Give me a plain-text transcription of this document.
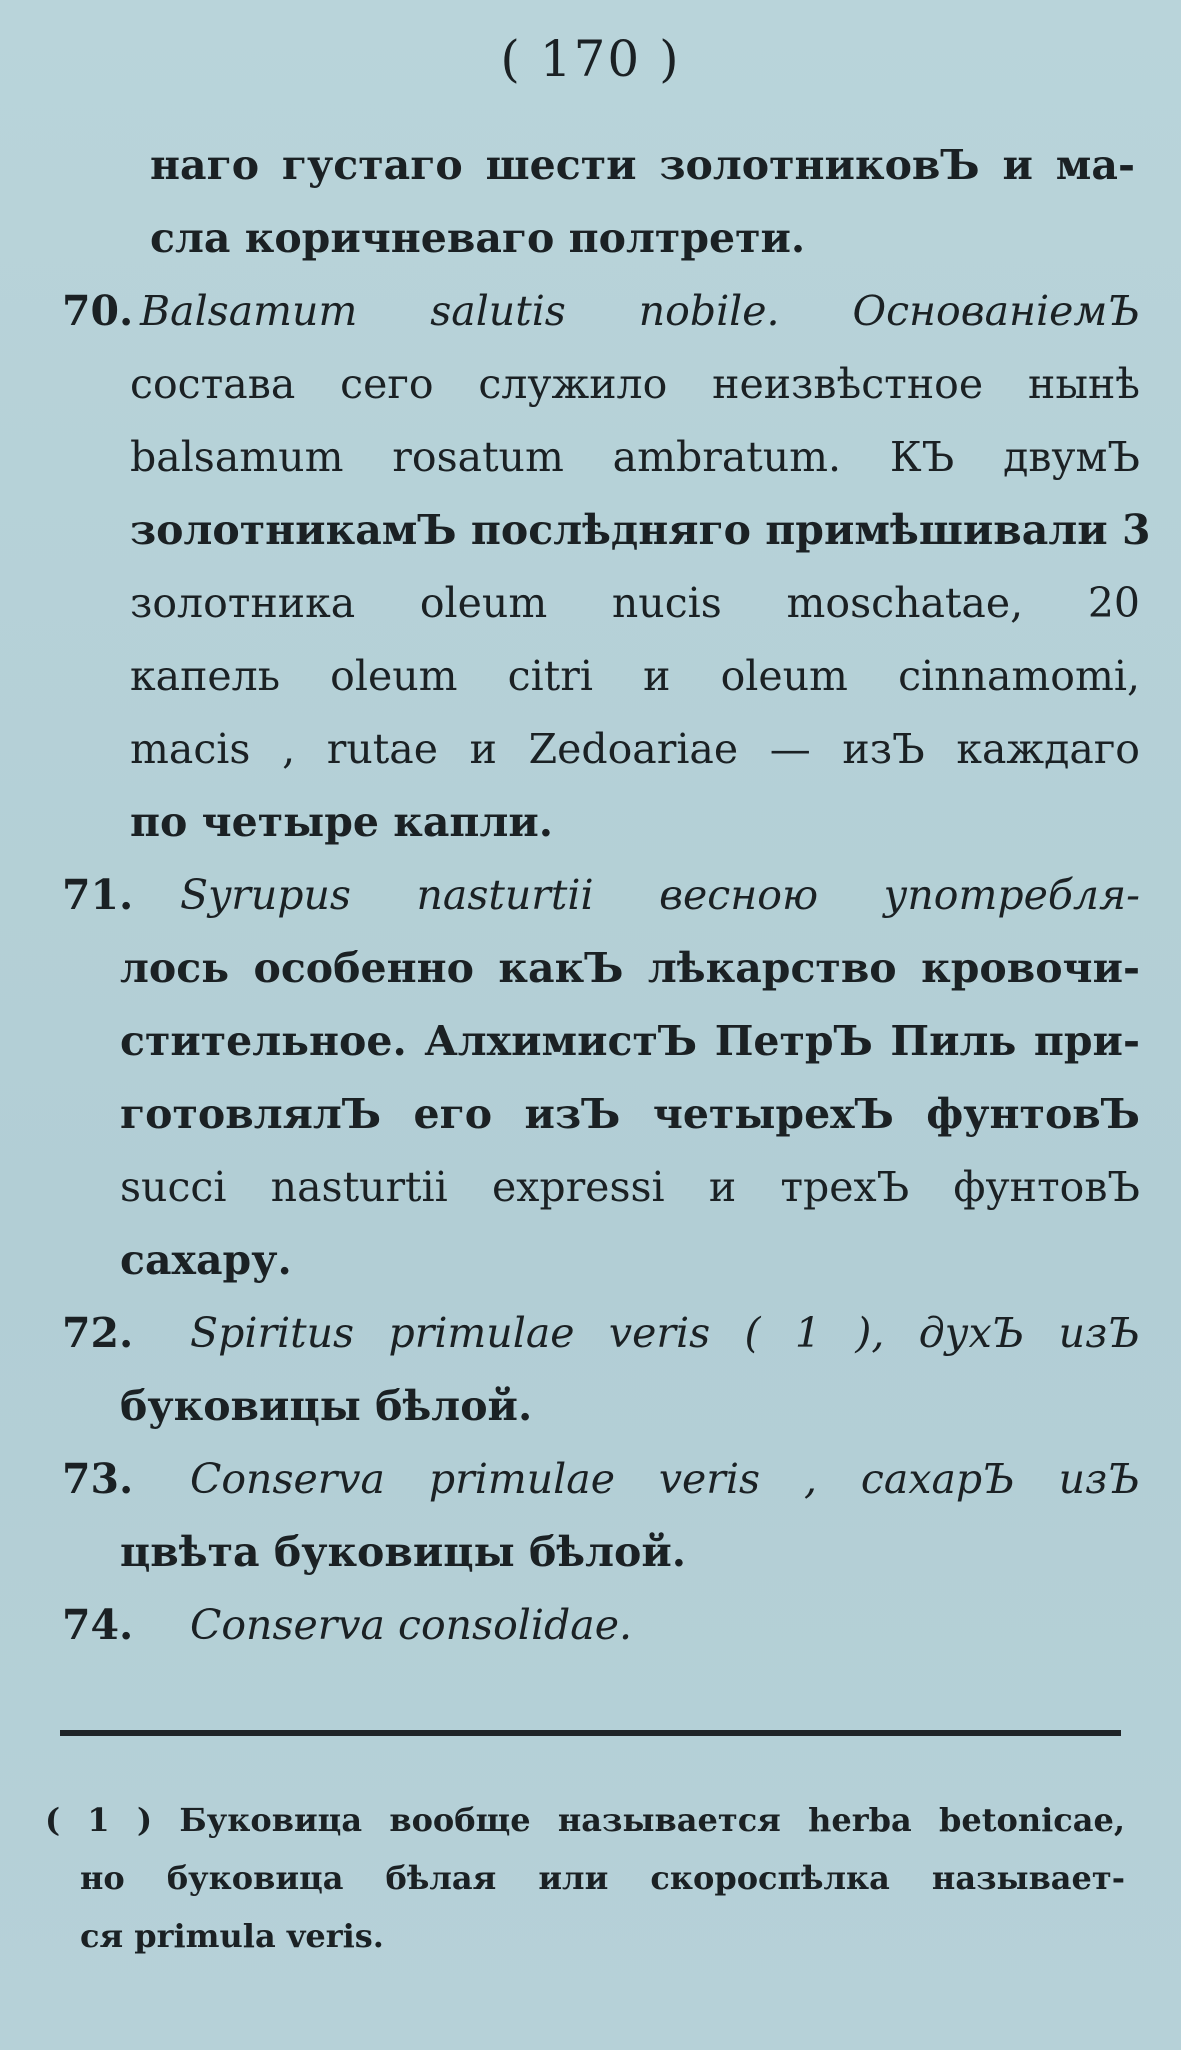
( 170 )
наго густаго шести золотниковЪ и ма-
сла коричневаго полтрети.
70. Balsamum salutis nobile. ОснованіемЪ
состава сего служило неизвѣстное нынѣ
balsamum rosatum ambratum. КЪ двумЪ
золотникамЪ послѣдняго примѣшивали 3
золотника oleum nucis moschatae, 20
капель oleum citri и oleum cinnamomi,
macis , rutae и Zedoariae — изЪ каждаго
по четыре капли.
71. Syrupus nasturtii весною употребля-
лось особенно какЪ лѣкарство кровочи-
стительное. АлхимистЪ ПетрЪ Пиль при-
готовлялЪ его изЪ четырехЪ фунтовЪ
succi nasturtii expressi и трехЪ фунтовЪ
сахару.
72. Spiritus primulae veris ( 1 ), духЪ изЪ
буковицы бѣлой.
73. Conserva primulae veris , сахарЪ изЪ
цвѣта буковицы бѣлой.
74. Conserva consolidae.
( 1 ) Буковица вообще называется herba betonicae,
но буковица бѣлая или скороспѣлка называет-
ся primula veris.
